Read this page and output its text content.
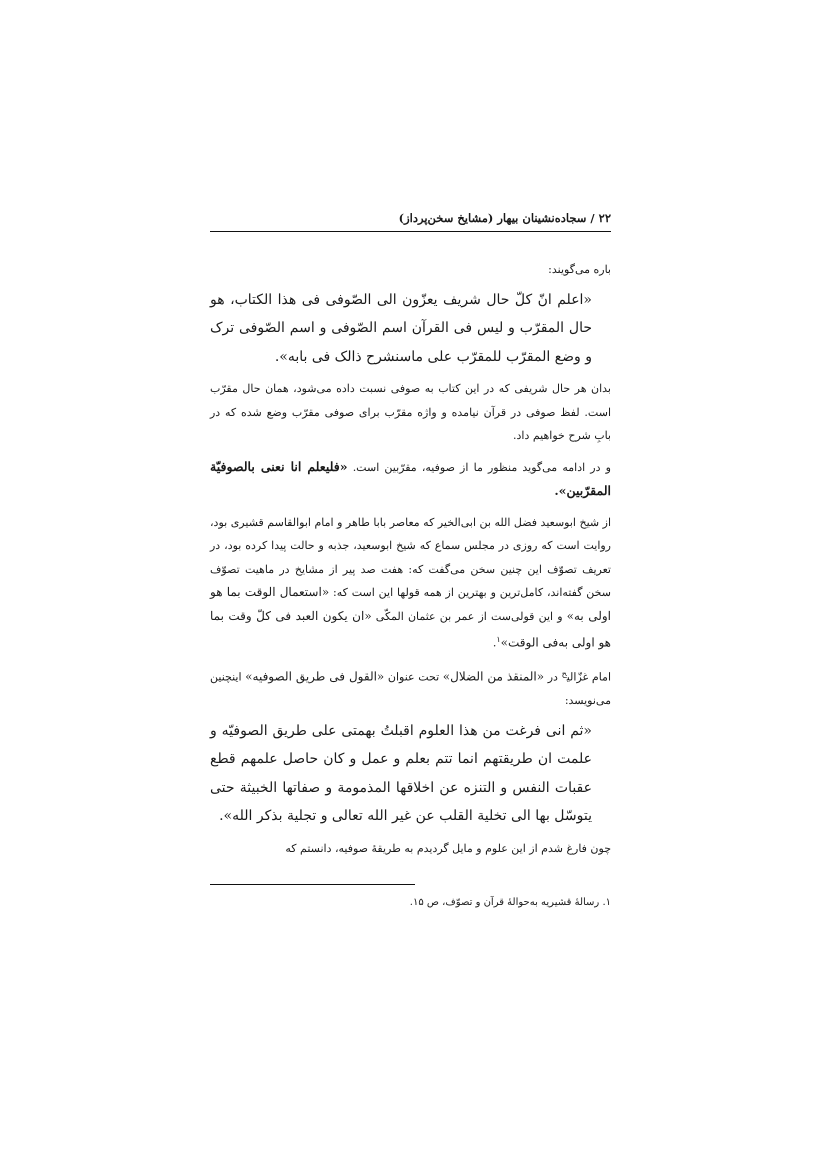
۲۲ / سجاده‌نشینان بیهار (مشایخ سخن‌پرداز)

باره می‌گویند:

«اعلم انّ کلّ حال شریف یعزّون الی الصّوفی فی هذا الکتاب، هو حال المقرّب و لیس فی القرآن اسم الصّوفی و اسم الصّوفی ترک و وضع المقرّب للمقرّب علی ماسنشرح ذالک فی بابه».

بدان هر حال شریفی که در این کتاب به صوفی نسبت داده می‌شود، همان حال مقرّب است. لفظ صوفی در قرآن نیامده و واژه مقرّب برای صوفی مقرّب وضع شده که در بابِ شرح خواهیم داد.

و در ادامه می‌گوید منظور ما از صوفیه، مقرّبین است. «فلیعلم انا نعنی بالصوفیّة المقرّبین».

از شیخ ابوسعید فضل الله بن ابی‌الخیر که معاصر بابا طاهر و امام ابوالقاسم قشیری بود، روایت است که روزی در مجلس سماع که شیخ ابوسعید، جذبه و حالت پیدا کرده بود، در تعریف تصوّف این چنین سخن می‌گفت که: هفت صد پیر از مشایخ در ماهیت تصوّف سخن گفته‌اند، کامل‌ترین و بهترین از همه قولها این است که: «استعمال الوقت بما هو اولی به» و این قولی‌ست از عمر بن عثمان المکّی «ان یکون العبد فی کلّ وقت بما هو اولی به‌فی الوقت»$^۱$.

امام غزّالی$^ح$ در «المنقذ من الضلال» تحت عنوان «القول فی طریق الصوفیه» اینچنین می‌نویسد:

«ثم انی فرغت من هذا العلوم اقبلتُ بهمتی علی طریق الصوفیّه و علمت ان طریقتهم انما تتم بعلم و عمل و کان حاصل علمهم قطع عقبات النفس و التنزه عن اخلاقها المذمومة و صفاتها الخبیثة حتی یتوسّل بها الی تخلیة القلب عن غیر الله تعالی و تجلیة بذکر الله».

چون فارغ شدم از این علوم و مایل گردیدم به طریقهٔ صوفیه، دانستم که

۱. رسالهٔ قشیریه به‌حوالهٔ قرآن و تصوّف، ص ۱۵.
